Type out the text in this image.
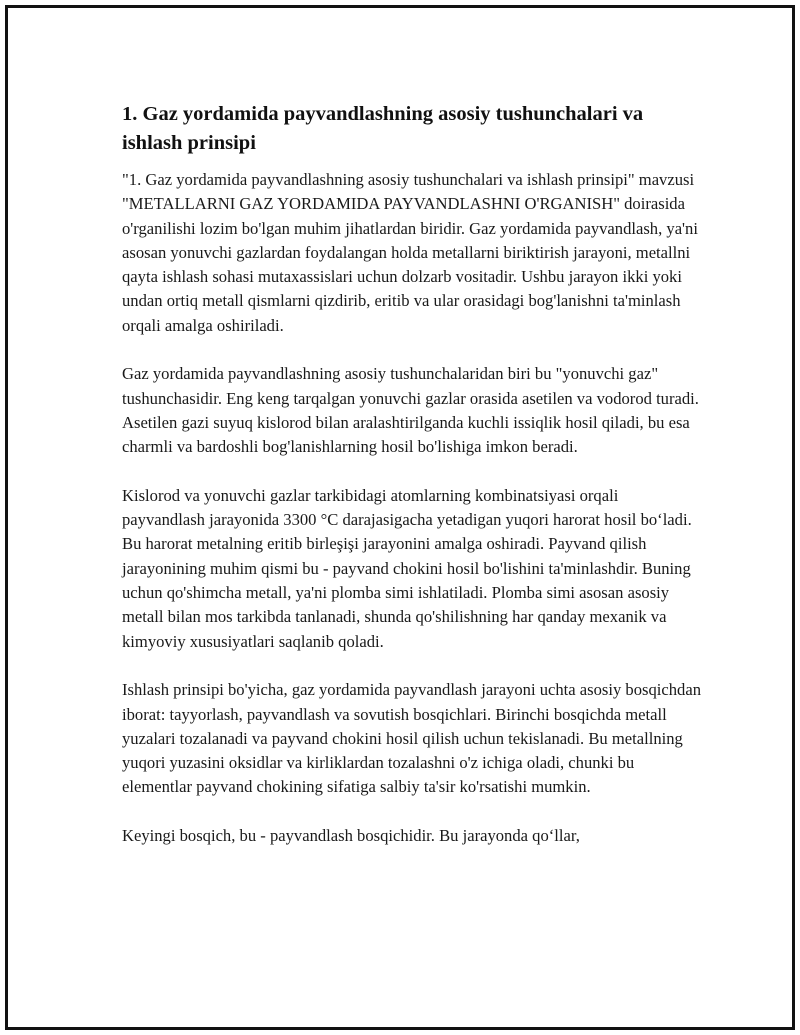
1. Gaz yordamida payvandlashning asosiy tushunchalari va ishlash prinsipi

"1. Gaz yordamida payvandlashning asosiy tushunchalari va ishlash prinsipi" mavzusi "METALLARNI GAZ YORDAMIDA PAYVANDLASHNI O'RGANISH" doirasida o'rganilishi lozim bo'lgan muhim jihatlardan biridir. Gaz yordamida payvandlash, ya'ni asosan yonuvchi gazlardan foydalangan holda metallarni biriktirish jarayoni, metallni qayta ishlash sohasi mutaxassislari uchun dolzarb vositadir. Ushbu jarayon ikki yoki undan ortiq metall qismlarni qizdirib, eritib va ular orasidagi bog'lanishni ta'minlash orqali amalga oshiriladi.

Gaz yordamida payvandlashning asosiy tushunchalaridan biri bu "yonuvchi gaz" tushunchasidir. Eng keng tarqalgan yonuvchi gazlar orasida asetilen va vodorod turadi. Asetilen gazi suyuq kislorod bilan aralashtirilganda kuchli issiqlik hosil qiladi, bu esa charmli va bardoshli bog'lanishlarning hosil bo'lishiga imkon beradi.

Kislorod va yonuvchi gazlar tarkibidagi atomlarning kombinatsiyasi orqali payvandlash jarayonida 3300 °C darajasigacha yetadigan yuqori harorat hosil bo‘ladi. Bu harorat metalning eritib birleşişi jarayonini amalga oshiradi. Payvand qilish jarayonining muhim qismi bu - payvand chokini hosil bo'lishini ta'minlashdir. Buning uchun qo'shimcha metall, ya'ni plomba simi ishlatiladi. Plomba simi asosan asosiy metall bilan mos tarkibda tanlanadi, shunda qo'shilishning har qanday mexanik va kimyoviy xususiyatlari saqlanib qoladi.

Ishlash prinsipi bo'yicha, gaz yordamida payvandlash jarayoni uchta asosiy bosqichdan iborat: tayyorlash, payvandlash va sovutish bosqichlari. Birinchi bosqichda metall yuzalari tozalanadi va payvand chokini hosil qilish uchun tekislanadi. Bu metallning yuqori yuzasini oksidlar va kirliklardan tozalashni o'z ichiga oladi, chunki bu elementlar payvand chokining sifatiga salbiy ta'sir ko'rsatishi mumkin.

Keyingi bosqich, bu - payvandlash bosqichidir. Bu jarayonda qo‘llar,
